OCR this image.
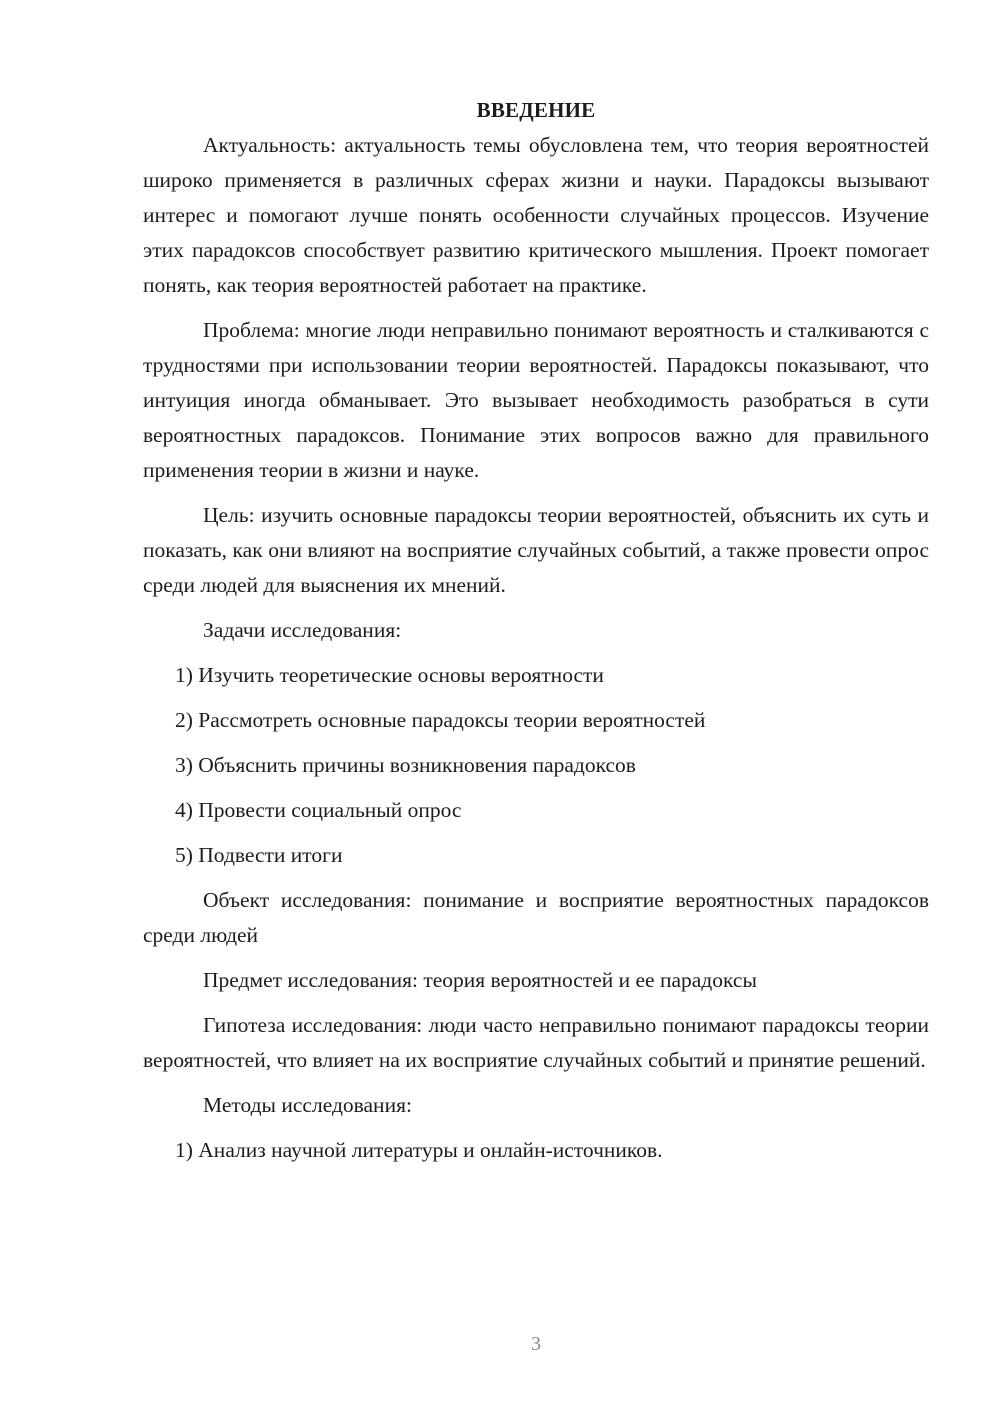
ВВЕДЕНИЕ

Актуальность: актуальность темы обусловлена тем, что теория вероятностей широко применяется в различных сферах жизни и науки. Парадоксы вызывают интерес и помогают лучше понять особенности случайных процессов. Изучение этих парадоксов способствует развитию критического мышления. Проект помогает понять, как теория вероятностей работает на практике.

Проблема: многие люди неправильно понимают вероятность и сталкиваются с трудностями при использовании теории вероятностей. Парадоксы показывают, что интуиция иногда обманывает. Это вызывает необходимость разобраться в сути вероятностных парадоксов. Понимание этих вопросов важно для правильного применения теории в жизни и науке.

Цель: изучить основные парадоксы теории вероятностей, объяснить их суть и показать, как они влияют на восприятие случайных событий, а также провести опрос среди людей для выяснения их мнений.

Задачи исследования:

1) Изучить теоретические основы вероятности
2) Рассмотреть основные парадоксы теории вероятностей
3) Объяснить причины возникновения парадоксов
4) Провести социальный опрос
5) Подвести итоги

Объект исследования: понимание и восприятие вероятностных парадоксов среди людей

Предмет исследования: теория вероятностей и ее парадоксы

Гипотеза исследования: люди часто неправильно понимают парадоксы теории вероятностей, что влияет на их восприятие случайных событий и принятие решений.

Методы исследования:

1) Анализ научной литературы и онлайн-источников.
3
